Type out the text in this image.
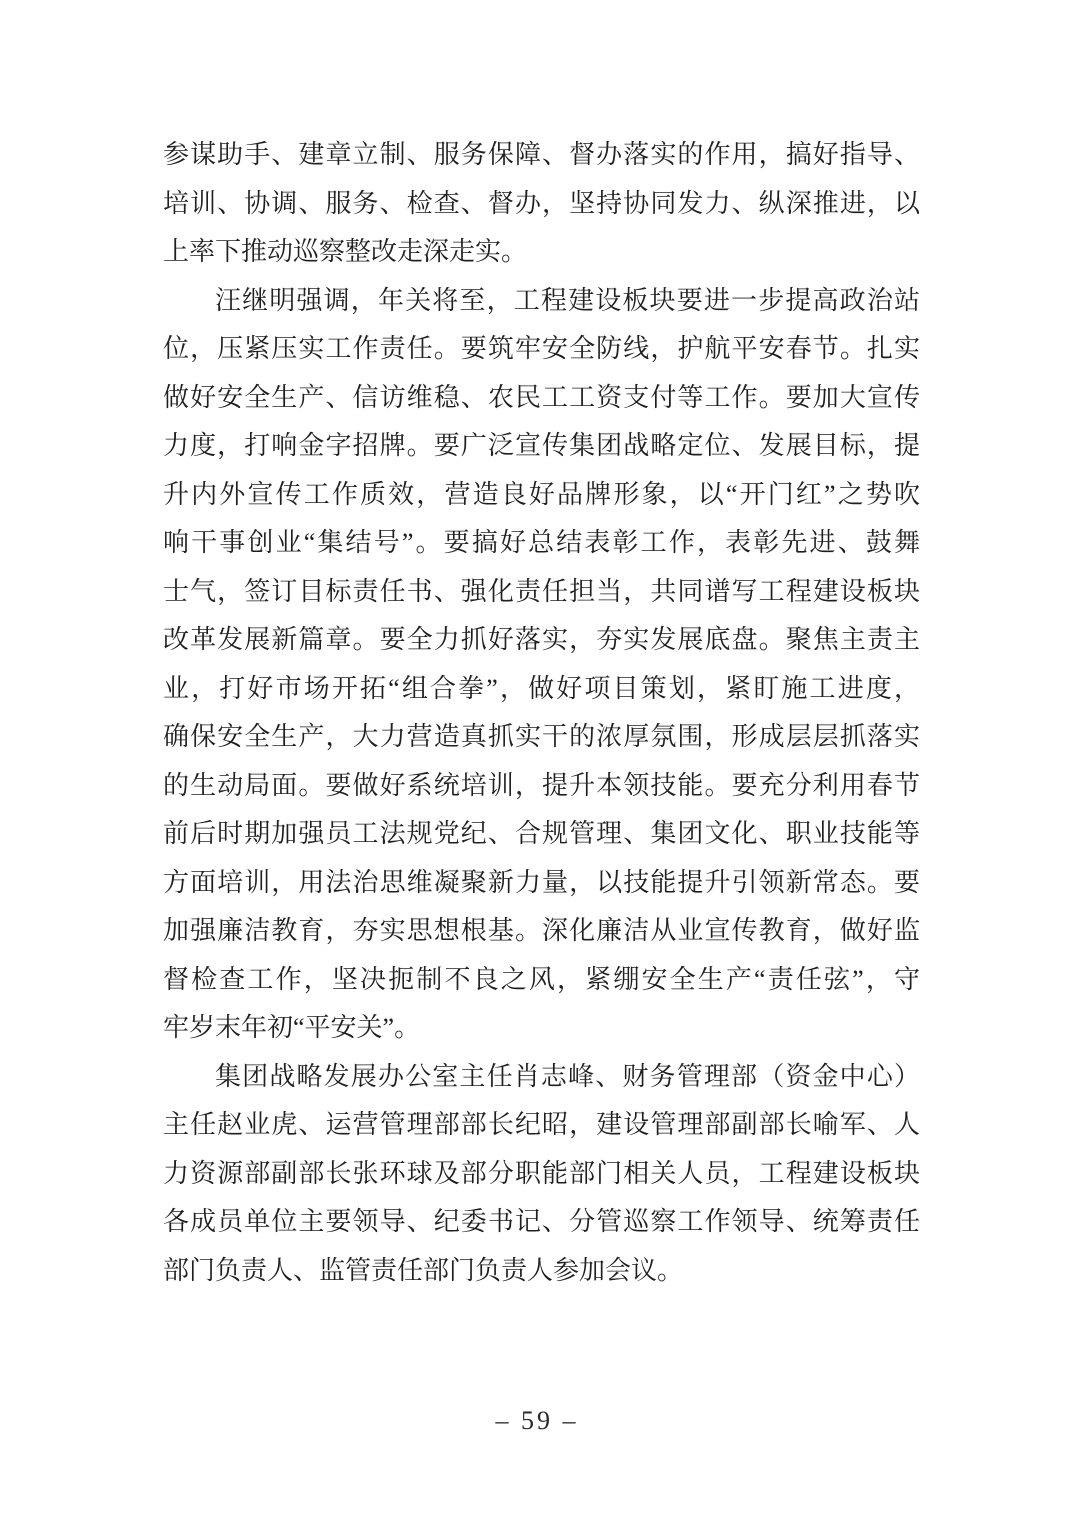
参谋助手、建章立制、服务保障、督办落实的作用，搞好指导、
培训、协调、服务、检查、督办，坚持协同发力、纵深推进，以
上率下推动巡察整改走深走实。
汪继明强调，年关将至，工程建设板块要进一步提高政治站
位，压紧压实工作责任。要筑牢安全防线，护航平安春节。扎实
做好安全生产、信访维稳、农民工工资支付等工作。要加大宣传
力度，打响金字招牌。要广泛宣传集团战略定位、发展目标，提
升内外宣传工作质效，营造良好品牌形象，以“开门红”之势吹
响干事创业“集结号”。要搞好总结表彰工作，表彰先进、鼓舞
士气，签订目标责任书、强化责任担当，共同谱写工程建设板块
改革发展新篇章。要全力抓好落实，夯实发展底盘。聚焦主责主
业，打好市场开拓“组合拳”，做好项目策划，紧盯施工进度，
确保安全生产，大力营造真抓实干的浓厚氛围，形成层层抓落实
的生动局面。要做好系统培训，提升本领技能。要充分利用春节
前后时期加强员工法规党纪、合规管理、集团文化、职业技能等
方面培训，用法治思维凝聚新力量，以技能提升引领新常态。要
加强廉洁教育，夯实思想根基。深化廉洁从业宣传教育，做好监
督检查工作，坚决扼制不良之风，紧绷安全生产“责任弦”，守
牢岁末年初“平安关”。
集团战略发展办公室主任肖志峰、财务管理部（资金中心）
主任赵业虎、运营管理部部长纪昭，建设管理部副部长喻军、人
力资源部副部长张环球及部分职能部门相关人员，工程建设板块
各成员单位主要领导、纪委书记、分管巡察工作领导、统筹责任
部门负责人、监管责任部门负责人参加会议。
– 59 –
